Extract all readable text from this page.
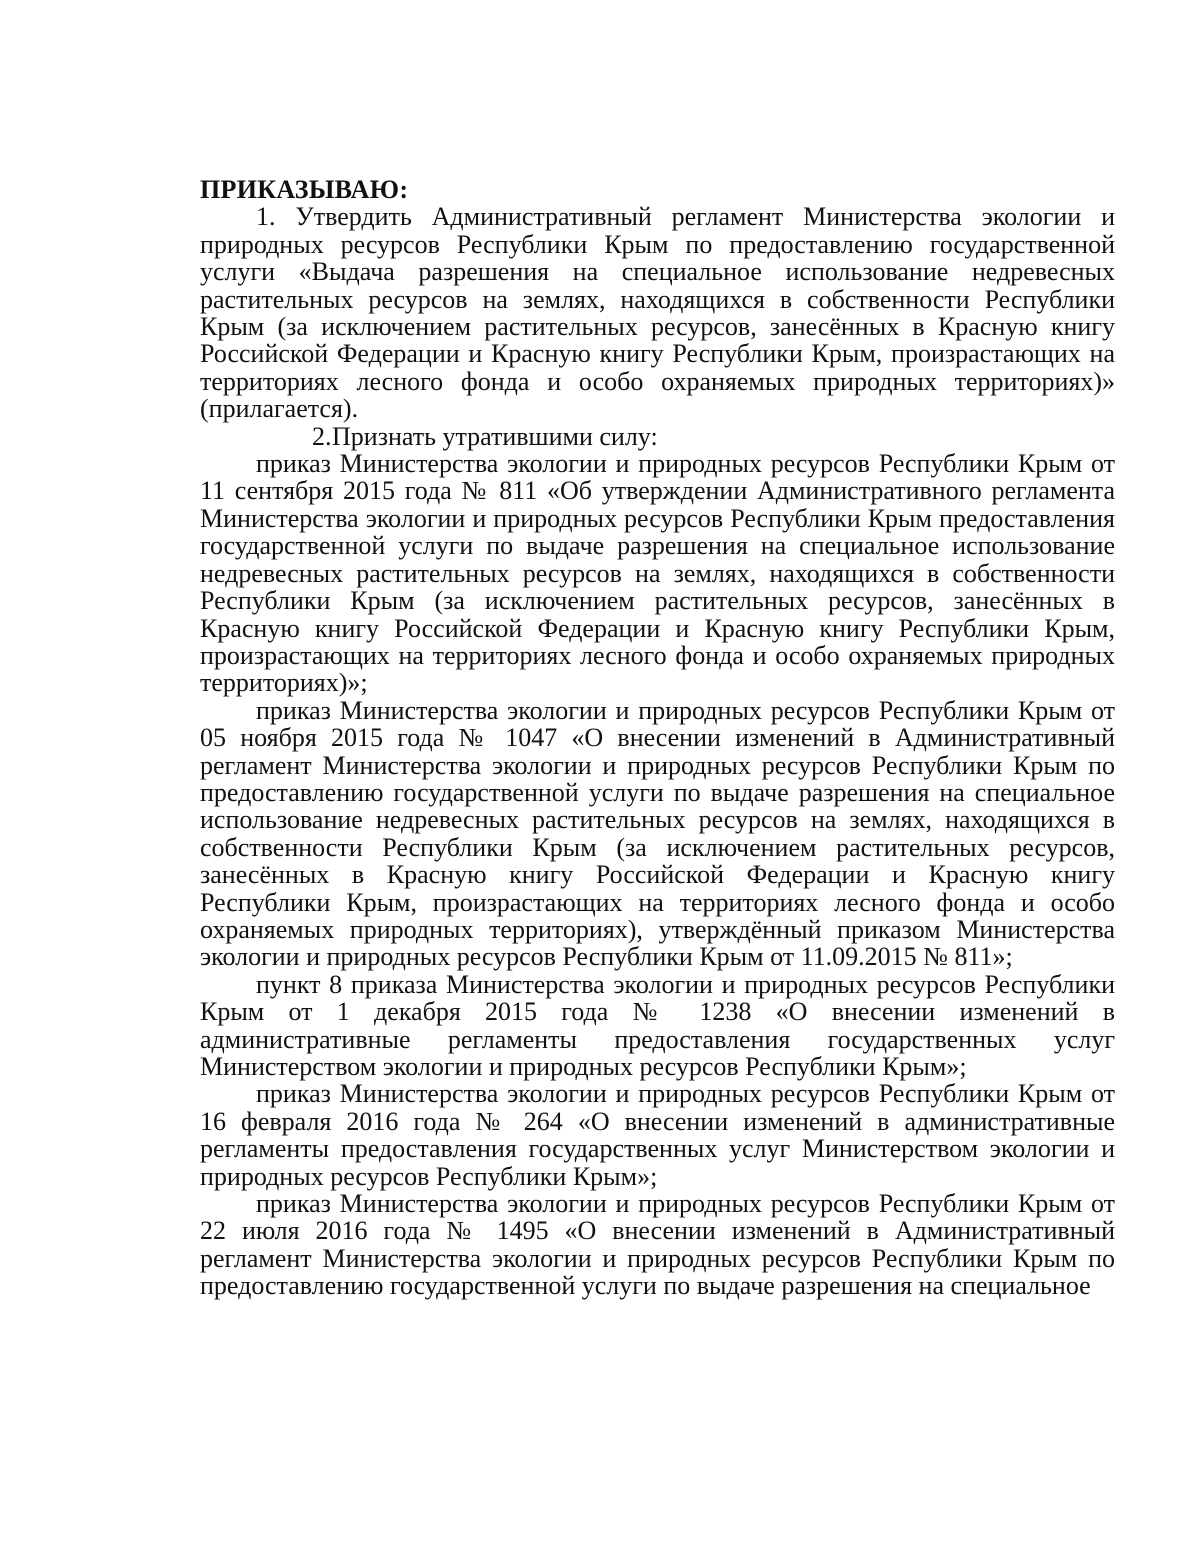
ПРИКАЗЫВАЮ:

1. Утвердить Административный регламент Министерства экологии и природных ресурсов Республики Крым по предоставлению государственной услуги «Выдача разрешения на специальное использование недревесных растительных ресурсов на землях, находящихся в собственности Республики Крым (за исключением растительных ресурсов, занесённых в Красную книгу Российской Федерации и Красную книгу Республики Крым, произрастающих на территориях лесного фонда и особо охраняемых природных территориях)» (прилагается).

2.Признать утратившими силу:

приказ Министерства экологии и природных ресурсов Республики Крым от 11 сентября 2015 года № 811 «Об утверждении Административного регламента Министерства экологии и природных ресурсов Республики Крым предоставления государственной услуги по выдаче разрешения на специальное использование недревесных растительных ресурсов на землях, находящихся в собственности Республики Крым (за исключением растительных ресурсов, занесённых в Красную книгу Российской Федерации и Красную книгу Республики Крым, произрастающих на территориях лесного фонда и особо охраняемых природных территориях)»;

приказ Министерства экологии и природных ресурсов Республики Крым от 05 ноября 2015 года № 1047 «О внесении изменений в Административный регламент Министерства экологии и природных ресурсов Республики Крым по предоставлению государственной услуги по выдаче разрешения на специальное использование недревесных растительных ресурсов на землях, находящихся в собственности Республики Крым (за исключением растительных ресурсов, занесённых в Красную книгу Российской Федерации и Красную книгу Республики Крым, произрастающих на территориях лесного фонда и особо охраняемых природных территориях), утверждённый приказом Министерства экологии и природных ресурсов Республики Крым от 11.09.2015 № 811»;

пункт 8 приказа Министерства экологии и природных ресурсов Республики Крым от 1 декабря 2015 года № 1238 «О внесении изменений в административные регламенты предоставления государственных услуг Министерством экологии и природных ресурсов Республики Крым»;

приказ Министерства экологии и природных ресурсов Республики Крым от 16 февраля 2016 года № 264 «О внесении изменений в административные регламенты предоставления государственных услуг Министерством экологии и природных ресурсов Республики Крым»;

приказ Министерства экологии и природных ресурсов Республики Крым от 22 июля 2016 года № 1495 «О внесении изменений в Административный регламент Министерства экологии и природных ресурсов Республики Крым по предоставлению государственной услуги по выдаче разрешения на специальное
